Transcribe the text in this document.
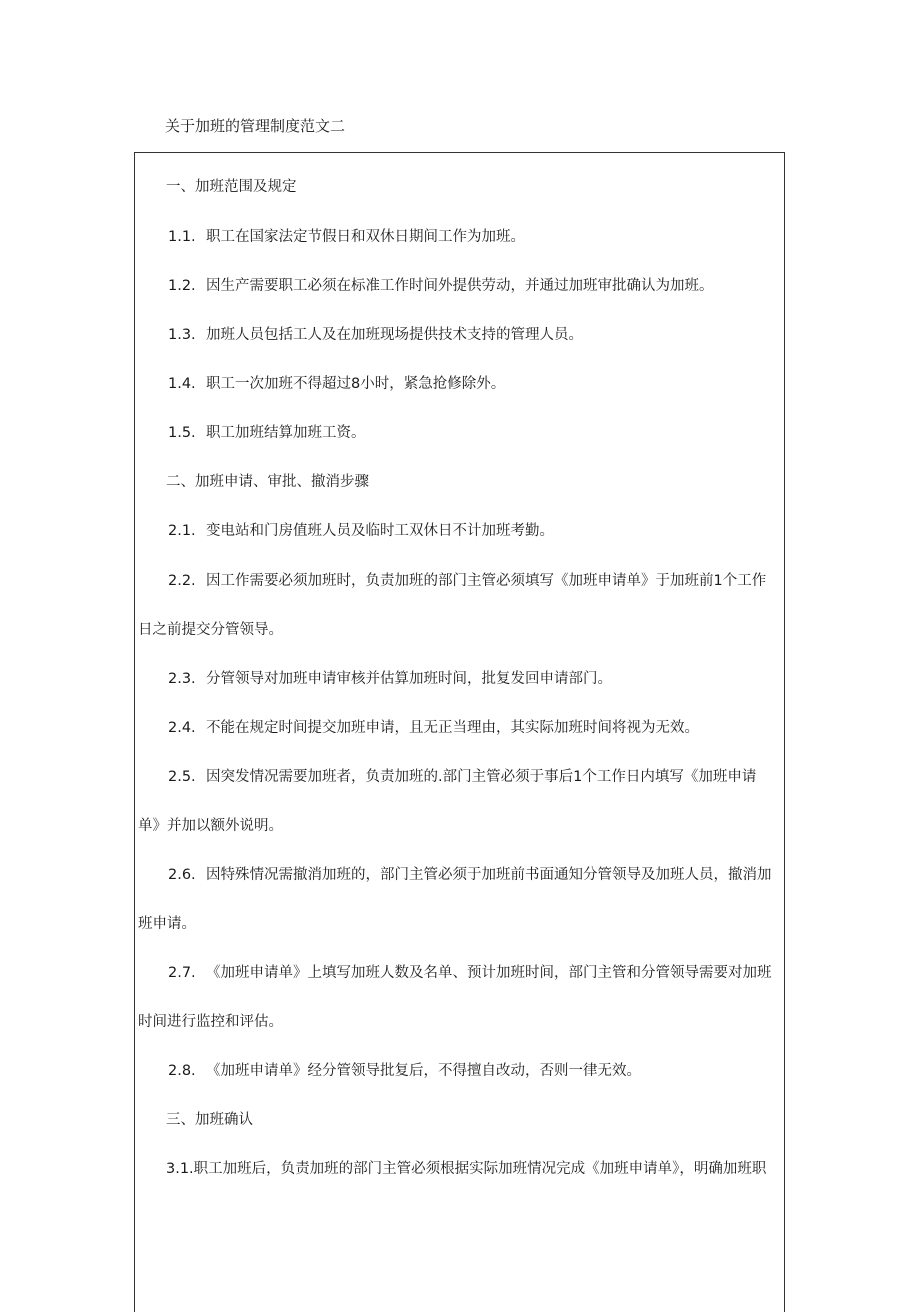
关于加班的管理制度范文二
一、加班范围及规定
1.1. 职工在国家法定节假日和双休日期间工作为加班。
1.2. 因生产需要职工必须在标准工作时间外提供劳动，并通过加班审批确认为加班。
1.3. 加班人员包括工人及在加班现场提供技术支持的管理人员。
1.4. 职工一次加班不得超过8小时，紧急抢修除外。
1.5. 职工加班结算加班工资。
二、加班申请、审批、撤消步骤
2.1. 变电站和门房值班人员及临时工双休日不计加班考勤。
2.2. 因工作需要必须加班时，负责加班的部门主管必须填写《加班申请单》于加班前1个工作
日之前提交分管领导。
2.3. 分管领导对加班申请审核并估算加班时间，批复发回申请部门。
2.4. 不能在规定时间提交加班申请，且无正当理由，其实际加班时间将视为无效。
2.5. 因突发情况需要加班者，负责加班的.部门主管必须于事后1个工作日内填写《加班申请
单》并加以额外说明。
2.6. 因特殊情况需撤消加班的，部门主管必须于加班前书面通知分管领导及加班人员，撤消加
班申请。
2.7. 《加班申请单》上填写加班人数及名单、预计加班时间，部门主管和分管领导需要对加班
时间进行监控和评估。
2.8. 《加班申请单》经分管领导批复后，不得擅自改动，否则一律无效。
三、加班确认
3.1.职工加班后，负责加班的部门主管必须根据实际加班情况完成《加班申请单》，明确加班职
